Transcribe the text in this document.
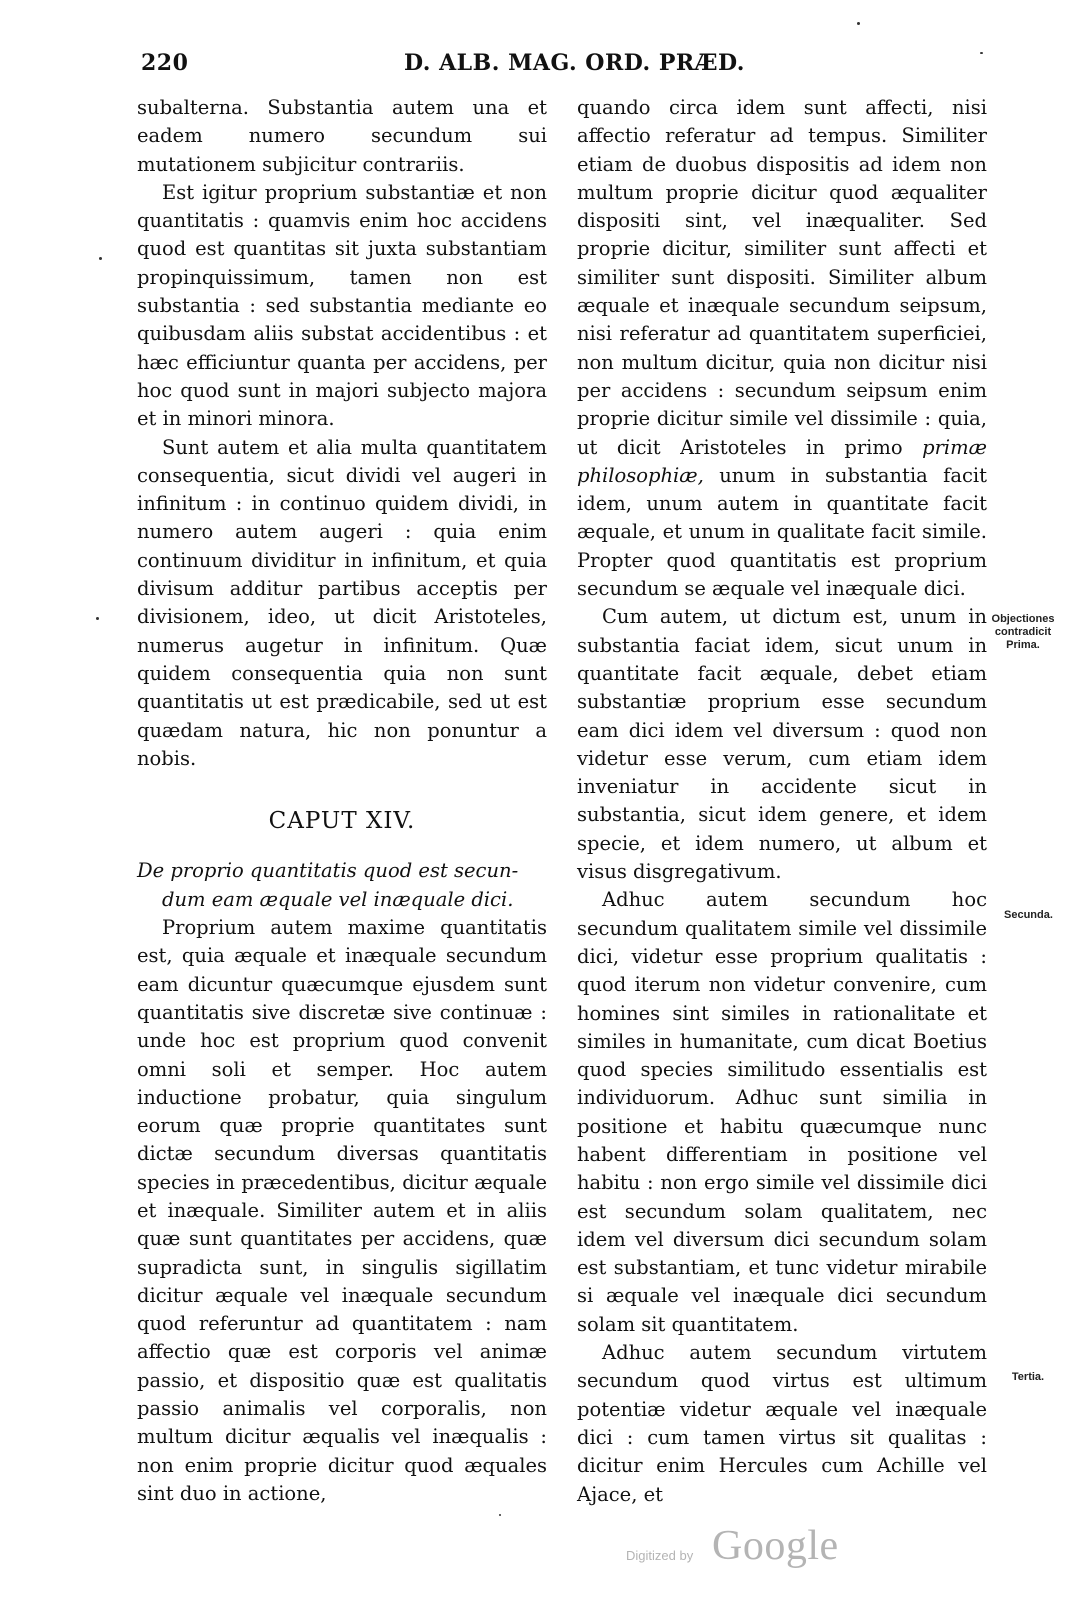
220	D. ALB. MAG. ORD. PRÆD.

subalterna. Substantia autem una et eadem numero secundum sui mutationem subjicitur contrariis.

Est igitur proprium substantiæ et non quantitatis : quamvis enim hoc accidens quod est quantitas sit juxta substantiam propinquissimum, tamen non est substantia : sed substantia mediante eo quibusdam aliis substat accidentibus : et hæc efficiuntur quanta per accidens, per hoc quod sunt in majori subjecto majora et in minori minora.

Sunt autem et alia multa quantitatem consequentia, sicut dividi vel augeri in infinitum : in continuo quidem dividi, in numero autem augeri : quia enim continuum dividitur in infinitum, et quia divisum additur partibus acceptis per divisionem, ideo, ut dicit Aristoteles, numerus augetur in infinitum. Quæ quidem consequentia quia non sunt quantitatis ut est prædicabile, sed ut est quædam natura, hic non ponuntur a nobis.

CAPUT XIV.

De proprio quantitatis quod est secun-
dum eam æquale vel inæquale dici.

Proprium autem maxime quantitatis est, quia æquale et inæquale secundum eam dicuntur quæcumque ejusdem sunt quantitatis sive discretæ sive continuæ : unde hoc est proprium quod convenit omni soli et semper. Hoc autem inductione probatur, quia singulum eorum quæ proprie quantitates sunt dictæ secundum diversas quantitatis species in præcedentibus, dicitur æquale et inæquale. Similiter autem et in aliis quæ sunt quantitates per accidens, quæ supradicta sunt, in singulis sigillatim dicitur æquale vel inæquale secundum quod referuntur ad quantitatem : nam affectio quæ est corporis vel animæ passio, et dispositio quæ est qualitatis passio animalis vel corporalis, non multum dicitur æqualis vel inæqualis : non enim proprie dicitur quod æquales sint duo in actione,

quando circa idem sunt affecti, nisi affectio referatur ad tempus. Similiter etiam de duobus dispositis ad idem non multum proprie dicitur quod æqualiter dispositi sint, vel inæqualiter. Sed proprie dicitur, similiter sunt affecti et similiter sunt dispositi. Similiter album æquale et inæquale secundum seipsum, nisi referatur ad quantitatem superficiei, non multum dicitur, quia non dicitur nisi per accidens : secundum seipsum enim proprie dicitur simile vel dissimile : quia, ut dicit Aristoteles in primo primæ philosophiæ, unum in substantia facit idem, unum autem in quantitate facit æquale, et unum in qualitate facit simile. Propter quod quantitatis est proprium secundum se æquale vel inæquale dici.

Cum autem, ut dictum est, unum in substantia faciat idem, sicut unum in quantitate facit æquale, debet etiam substantiæ proprium esse secundum eam dici idem vel diversum : quod non videtur esse verum, cum etiam idem inveniatur in accidente sicut in substantia, sicut idem genere, et idem specie, et idem numero, ut album et visus disgregativum.

Adhuc autem secundum hoc secundum qualitatem simile vel dissimile dici, videtur esse proprium qualitatis : quod iterum non videtur convenire, cum homines sint similes in rationalitate et similes in humanitate, cum dicat Boetius quod species similitudo essentialis est individuorum. Adhuc sunt similia in positione et habitu quæcumque nunc habent differentiam in positione vel habitu : non ergo simile vel dissimile dici est secundum solam qualitatem, nec idem vel diversum dici secundum solam est substantiam, et tunc videtur mirabile si æquale vel inæquale dici secundum solam sit quantitatem.

Adhuc autem secundum virtutem secundum quod virtus est ultimum potentiæ videtur æquale vel inæquale dici : cum tamen virtus sit qualitas : dicitur enim Hercules cum Achille vel Ajace, et

Objectiones
contradicit
Prima.
Secunda.
Tertia.
Digitized by Google
